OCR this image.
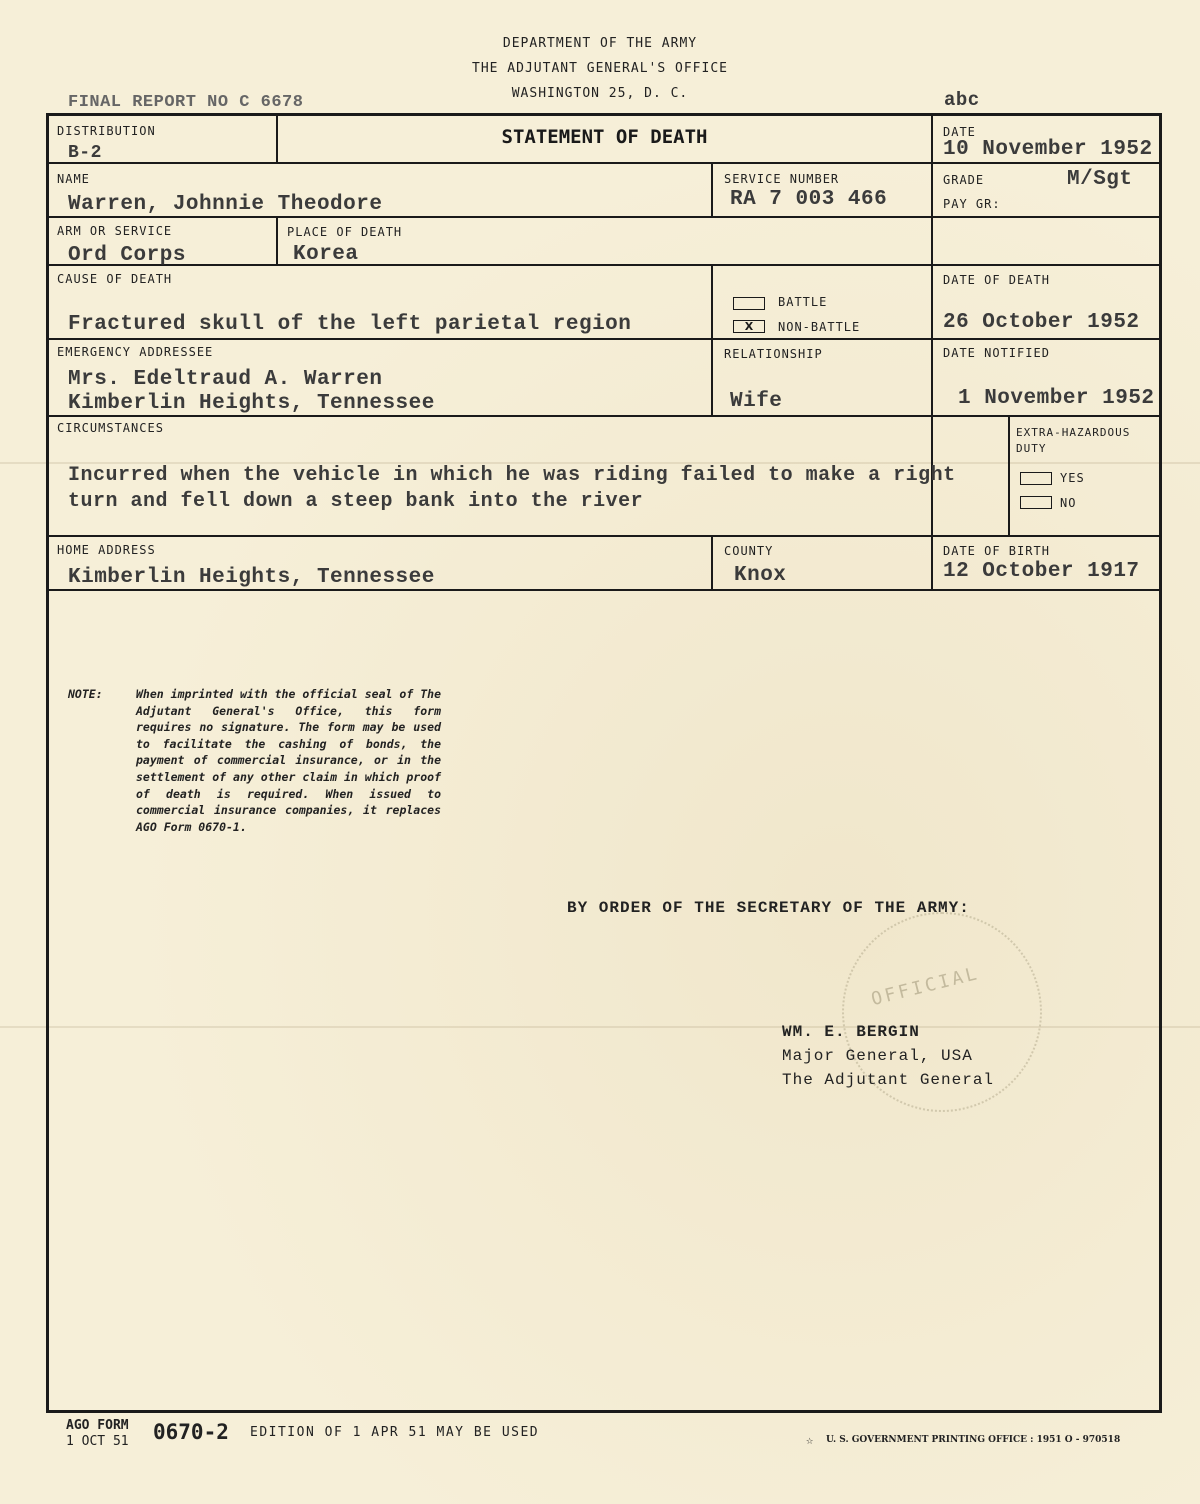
DEPARTMENT OF THE ARMY
THE ADJUTANT GENERAL'S OFFICE
WASHINGTON 25, D. C.
FINAL REPORT NO C 6678	abc
DISTRIBUTION
B-2
STATEMENT OF DEATH	DATE
10 November 1952
NAME
Warren, Johnnie Theodore
SERVICE NUMBER
RA 7 003 466
GRADE	M/Sgt
PAY GR:
ARM OR SERVICE
Ord Corps
PLACE OF DEATH
Korea
CAUSE OF DEATH
Fractured skull of the left parietal region
BATTLE
X	NON-BATTLE
DATE OF DEATH
26 October 1952
EMERGENCY ADDRESSEE
Mrs. Edeltraud A. Warren
Kimberlin Heights, Tennessee
RELATIONSHIP
Wife
DATE NOTIFIED
1 November 1952
CIRCUMSTANCES
Incurred when the vehicle in which he was riding failed to make a right
turn and fell down a steep bank into the river
EXTRA-HAZARDOUS
DUTY
YES
NO
HOME ADDRESS
Kimberlin Heights, Tennessee
COUNTY
Knox
DATE OF BIRTH
12 October 1917
NOTE:	When imprinted with the official seal of The Adjutant General's Office, this form requires no signature. The form may be used to facilitate the cashing of bonds, the payment of commercial insurance, or in the settlement of any other claim in which proof of death is required. When issued to commercial insurance companies, it replaces AGO Form 0670-1.
BY ORDER OF THE SECRETARY OF THE ARMY:
OFFICIAL
WM. E. BERGIN
Major General, USA
The Adjutant General
AGO FORM
1 OCT 51 0670-2 EDITION OF 1 APR 51 MAY BE USED	☆ U. S. GOVERNMENT PRINTING OFFICE : 1951 O - 970518
